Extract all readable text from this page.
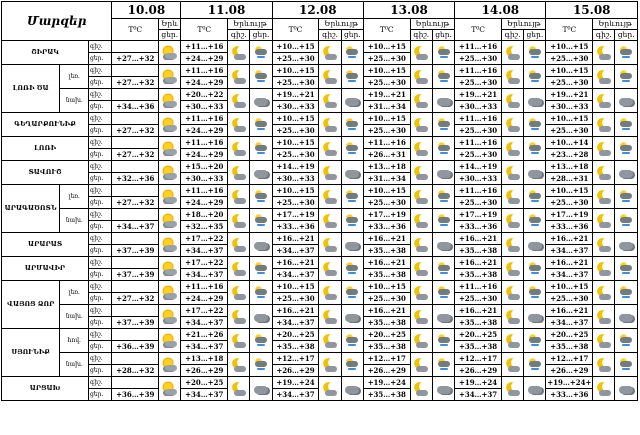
Մարզեր			10.08		11.08			12.08			13.08			14.08			15.08		
			T⁰C	Երև	T⁰C	Երևույթ		T⁰C	Երևույթ		T⁰C	Երևույթ		T⁰C	Երևույթ		T⁰C	Երևույթ	
				ցեր.		գիշ.	ցեր.		գիշ.	ցեր.		գիշ.	ցեր.		գիշ.	ցեր.		գիշ.	ցեր.
ՇԻՐԱԿ		գիշ.			+11…+16			+10…+15			+10…+15			+11…+16			+10…+15		
		ցեր.	+27…+32		+24…+29			+25…+30			+25…+30			+25…+30			+25…+30		
ԼՈՌԻ ԾԱ	լեռ.	գիշ.			+11…+16			+10…+15			+10…+15			+11…+16			+10…+15		
		ցեր.	+27…+32		+24…+29			+25…+30			+25…+30			+25…+30			+25…+30		
	նախ.	գիշ.			+20…+22			+19…+21			+19…+21			+19…+21			+19…+21		
		ցեր.	+34…+36		+30…+33			+30…+33			+31…+34			+30…+33			+30…+33		
ԳԵՂԱՐՔՈՒՆԻՔ		գիշ.			+11…+16			+10…+15			+10…+15			+11…+16			+10…+15		
		ցեր.	+27…+32		+24…+29			+25…+30			+25…+30			+25…+30			+25…+30		
ԼՈՌԻ		գիշ.			+11…+16			+10…+15			+11…+16			+11…+16			+10…+14		
		ցեր.	+27…+32		+24…+29			+25…+30			+26…+31			+25…+30			+23…+28		
ՏԱՎՈՒՇ		գիշ.			+15…+20			+14…+19			+13…+18			+14…+19			+13…+18		
		ցեր.	+32…+36		+30…+33			+30…+33			+31…+34			+30…+33			+28…+31		
ԱՐԱԳԱԾՈՏՆ	լեռ.	գիշ.			+11…+16			+10…+15			+10…+15			+11…+16			+10…+15		
		ցեր.	+27…+32		+24…+29			+25…+30			+25…+30			+25…+30			+25…+30		
	նախ.	գիշ.			+18…+20			+17…+19			+17…+19			+17…+19			+17…+19		
		ցեր.	+34…+37		+32…+35			+33…+36			+33…+36			+33…+36			+33…+36		
ԱՐԱՐԱՏ		գիշ.			+17…+22			+16…+21			+16…+21			+16…+21			+16…+21		
		ցեր.	+37…+39		+34…+37			+34…+37			+35…+38			+35…+38			+34…+37		
ԱՐՄԱՎԻՐ		գիշ.			+17…+22			+16…+21			+16…+21			+16…+21			+16…+21		
		ցեր.	+37…+39		+34…+37			+34…+37			+35…+38			+35…+38			+34…+37		
ՎԱՅՈՑ ՁՈՐ	լեռ.	գիշ.			+11…+16			+10…+15			+10…+15			+11…+16			+10…+15		
		ցեր.	+27…+32		+24…+29			+25…+30			+25…+30			+25…+30			+25…+30		
	նախ.	գիշ.			+17…+22			+16…+21			+16…+21			+16…+21			+16…+21		
		ցեր.	+37…+39		+34…+37			+34…+37			+35…+38			+35…+38			+34…+37		
ՍՅՈՒՆԻՔ	հով.	գիշ.			+21…+26			+20…+25			+20…+25			+20…+25			+20…+25		
		ցեր.	+36…+39		+34…+37			+35…+38			+35…+38			+35…+38			+35…+38		
	նախ.	գիշ.			+13…+18			+12…+17			+12…+17			+12…+17			+12…+17		
		ցեր.	+28…+32		+26…+29			+26…+29			+26…+29			+26…+29			+26…+29		
ԱՐՑԱԽ		գիշ.			+20…+25			+19…+24			+19…+24			+19…+24			+19…+24+		
		ցեր.	+36…+39		+34…+37			+34…+37			+35…+38			+34…+37			+33…+36		
